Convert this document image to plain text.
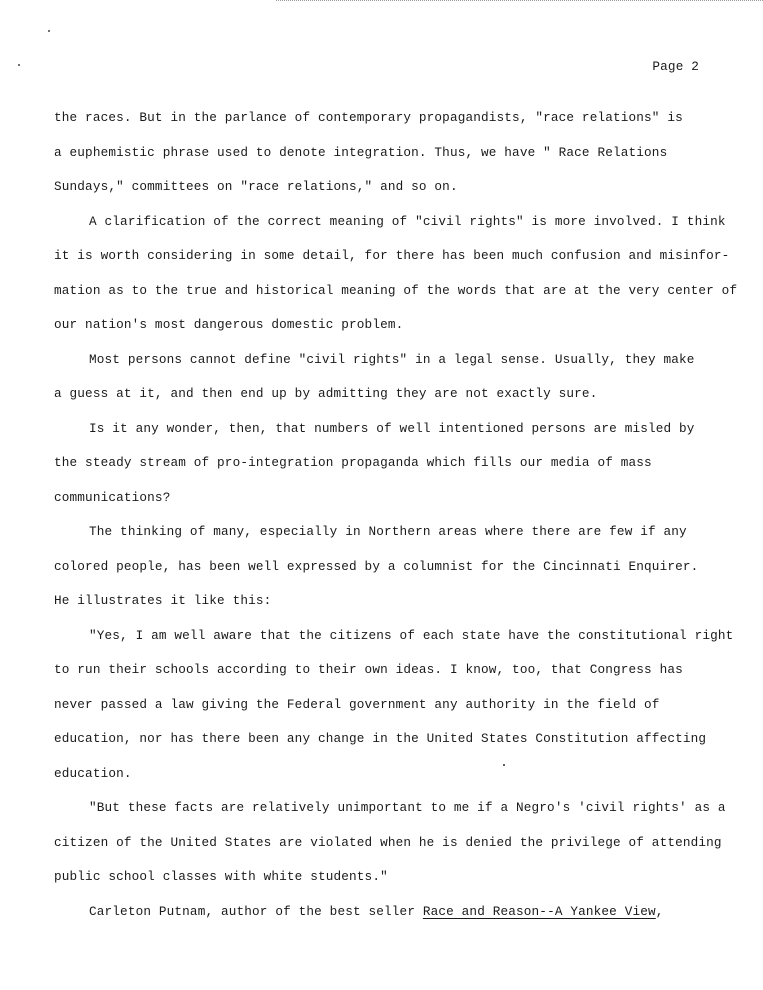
Page 2
the races. But in the parlance of contemporary propagandists, "race relations" is
a euphemistic phrase used to denote integration. Thus, we have " Race Relations
Sundays," committees on "race relations," and so on.
A clarification of the correct meaning of "civil rights" is more involved. I think
it is worth considering in some detail, for there has been much confusion and misinfor-
mation as to the true and historical meaning of the words that are at the very center of
our nation's most dangerous domestic problem.
Most persons cannot define "civil rights" in a legal sense. Usually, they make
a guess at it, and then end up by admitting they are not exactly sure.
Is it any wonder, then, that numbers of well intentioned persons are misled by
the steady stream of pro-integration propaganda which fills our media of mass
communications?
The thinking of many, especially in Northern areas where there are few if any
colored people, has been well expressed by a columnist for the Cincinnati Enquirer.
He illustrates it like this:
"Yes, I am well aware that the citizens of each state have the constitutional right
to run their schools according to their own ideas. I know, too, that Congress has
never passed a law giving the Federal government any authority in the field of
education, nor has there been any change in the United States Constitution affecting
education.
"But these facts are relatively unimportant to me if a Negro's 'civil rights' as a
citizen of the United States are violated when he is denied the privilege of attending
public school classes with white students."
Carleton Putnam, author of the best seller Race and Reason--A Yankee View,
